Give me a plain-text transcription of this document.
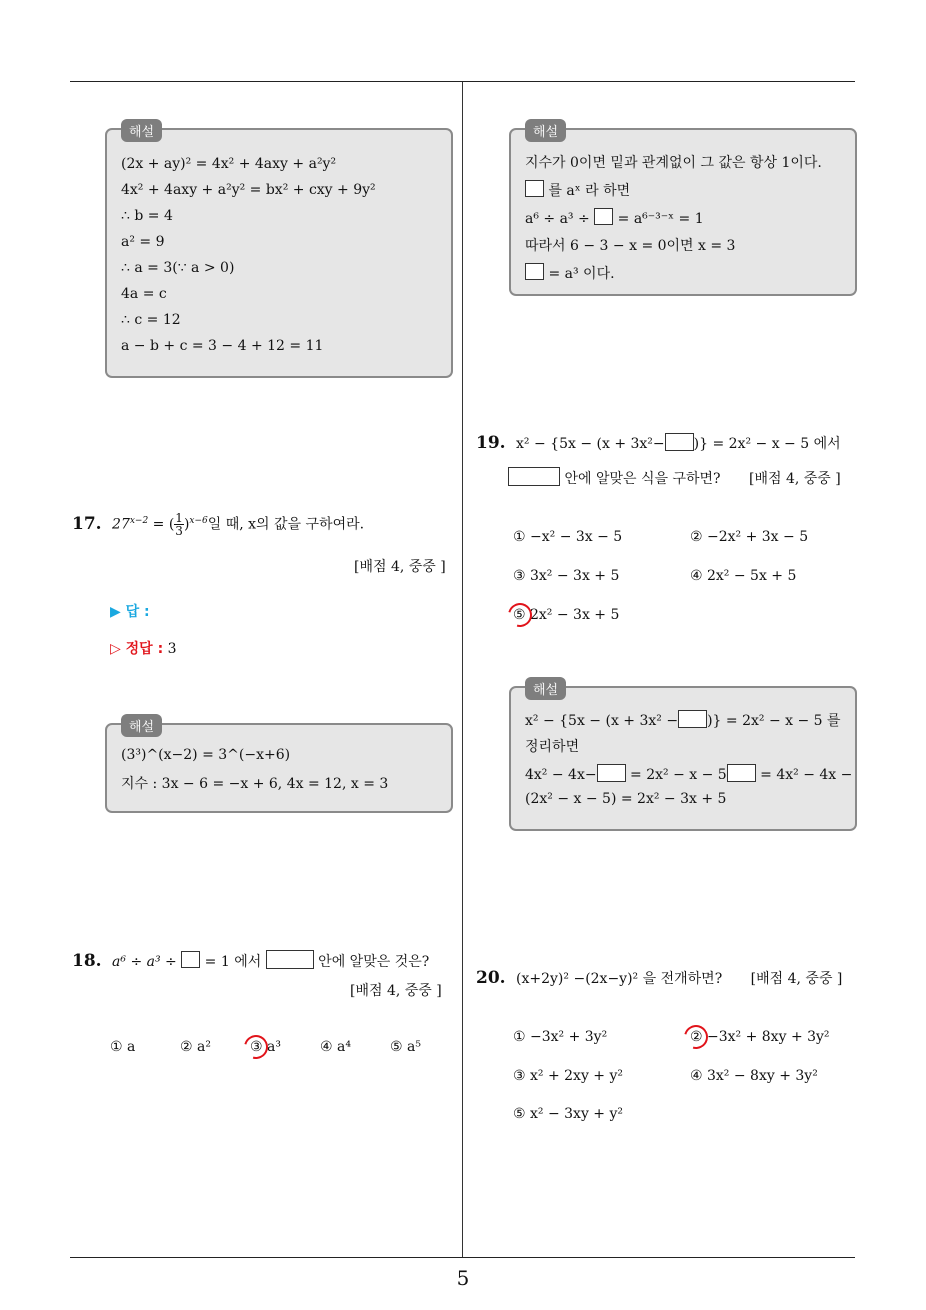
해설
(2x + ay)² = 4x² + 4axy + a²y²
4x² + 4axy + a²y² = bx² + cxy + 9y²
∴ b = 4
a² = 9
∴ a = 3(∵ a > 0)
4a = c
∴ c = 12
a − b + c = 3 − 4 + 12 = 11
17. $27^{x-2}$ = ( $\frac{1}{3} )^{x-6}$일 때, x의 값을 구하여라.
[배점 4, 중중 ]
▶ 답 :
▷ 정답 : 3
해설
(3³)^(x−2) = 3^(−x+6)
지수 : 3x − 6 = −x + 6, 4x = 12, x = 3
18. a⁶ ÷ a³ ÷ = 1 에서	안에 알맞은 것은?
[배점 4, 중중 ]
① a	② a²	③ a³	④ a⁴	⑤ a⁵
해설
지수가 0이면 밑과 관계없이 그 값은 항상 1이다.
를 aˣ 라 하면
a⁶ ÷ a³ ÷ = a⁶⁻³⁻ˣ = 1
따라서 6 − 3 − x = 0이면 x = 3
= a³ 이다.
19. x² − {5x − (x + 3x²− )} = 2x² − x − 5 에서
안에 알맞은 식을 구하면? [배점 4, 중중 ]
① −x² − 3x − 5	② −2x² + 3x − 5
③ 3x² − 3x + 5	④ 2x² − 5x + 5
⑤ 2x² − 3x + 5
해설
x² − {5x − (x + 3x² − )} = 2x² − x − 5 를
정리하면
4x² − 4x− = 2x² − x − 5 = 4x² − 4x −
(2x² − x − 5) = 2x² − 3x + 5
20. (x+2y)² −(2x−y)² 을 전개하면? [배점 4, 중중 ]
① −3x² + 3y²	② −3x² + 8xy + 3y²
③ x² + 2xy + y²	④ 3x² − 8xy + 3y²
⑤ x² − 3xy + y²
5
